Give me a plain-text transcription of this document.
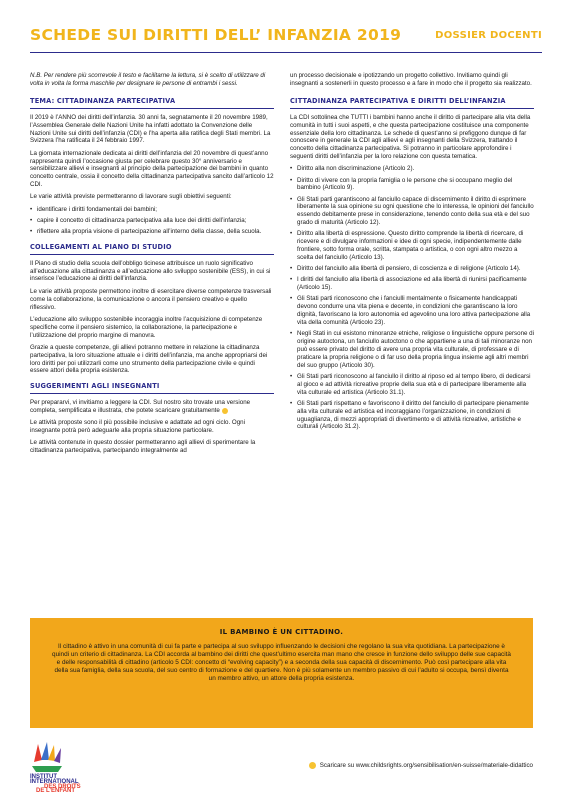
SCHEDE SUI DIRITTI DELL’ INFANZIA 2019	DOSSIER DOCENTI

N.B. Per rendere più scorrevole il testo e facilitarne la lettura, si è scelto di utilizzare di volta in volta la forma maschile per designare le persone di entrambi i sessi.

TEMA: CITTADINANZA PARTECIPATIVA

Il 2019 è l’ANNO dei diritti dell’infanzia. 30 anni fa, segnatamente il 20 novembre 1989, l’Assemblea Generale delle Nazioni Unite ha infatti adottato la Convenzione delle Nazioni Unite sui diritti dell’infanzia (CDI) e l’ha aperta alla ratifica degli Stati membri. La Svizzera l’ha ratificata il 24 febbraio 1997.

La giornata internazionale dedicata ai diritti dell’infanzia del 20 novembre di quest’anno rappresenta quindi l’occasione giusta per celebrare questo 30° anniversario e sensibilizzare allievi e insegnanti al principio della partecipazione dei bambini in quanto concetto centrale, ossia il concetto della cittadinanza partecipativa sancito dall’articolo 12 CDI.

Le varie attività previste permetteranno di lavorare sugli obiettivi seguenti:

• identificare i diritti fondamentali dei bambini;
• capire il concetto di cittadinanza partecipativa alla luce dei diritti dell’infanzia;
• riflettere alla propria visione di partecipazione all’interno della classe, della scuola.
COLLEGAMENTI AL PIANO DI STUDIO

Il Piano di studio della scuola dell’obbligo ticinese attribuisce un ruolo significativo all’educazione alla cittadinanza e all’educazione allo sviluppo sostenibile (ESS), in cui si inserisce l’educazione ai diritti dell’infanzia.

Le varie attività proposte permettono inoltre di esercitare diverse competenze trasversali come la collaborazione, la comunicazione o ancora il pensiero creativo e quello riflessivo.

L’educazione allo sviluppo sostenibile incoraggia inoltre l’acquisizione di competenze specifiche come il pensiero sistemico, la collaborazione, la partecipazione e l’utilizzazione del proprio margine di manovra.

Grazie a queste competenze, gli allievi potranno mettere in relazione la cittadinanza partecipativa, la loro situazione attuale e i diritti dell’infanzia, ma anche appropriarsi dei loro diritti per poi utilizzarli come uno strumento della partecipazione civile e quindi essere attori della propria esistenza.

SUGGERIMENTI AGLI INSEGNANTI

Per prepararvi, vi invitiamo a leggere la CDI. Sul nostro sito trovate una versione completa, semplificata e illustrata, che potete scaricare gratuitamente

Le attività proposte sono il più possibile inclusive e adattate ad ogni ciclo. Ogni insegnante potrà però adeguarle alla propria situazione particolare.

Le attività contenute in questo dossier permetteranno agli allievi di sperimentare la cittadinanza partecipativa, partecipando integralmente ad

un processo decisionale e ipotizzando un progetto collettivo. Invitiamo quindi gli insegnanti a sostenerli in questo processo e a fare in modo che il progetto sia realizzato.

CITTADINANZA PARTECIPATIVA E DIRITTI DELL’INFANZIA

La CDI sottolinea che TUTTI i bambini hanno anche il diritto di partecipare alla vita della comunità in tutti i suoi aspetti, e che questa partecipazione costituisce una componente essenziale della loro cittadinanza. Le schede di quest’anno si prefiggono dunque di far conoscere in generale la CDI agli allievi e agli insegnanti della Svizzera, trattando il concetto della cittadinanza partecipativa. Si potranno in particolare approfondire i seguenti diritti dell’infanzia per la loro relazione con questa tematica.

• Diritto alla non discriminazione (Articolo 2).
• Diritto di vivere con la propria famiglia o le persone che si occupano meglio del bambino (Articolo 9).
• Gli Stati parti garantiscono al fanciullo capace di discernimento il diritto di esprimere liberamente la sua opinione su ogni questione che lo interessa, le opinioni del fanciullo essendo debitamente prese in considerazione, tenendo conto della sua età e del suo grado di maturità (Articolo 12).
• Diritto alla libertà di espressione. Questo diritto comprende la libertà di ricercare, di ricevere e di divulgare informazioni e idee di ogni specie, indipendentemente dalle frontiere, sotto forma orale, scritta, stampata o artistica, o con ogni altro mezzo a scelta del fanciullo (Articolo 13).
• Diritto del fanciullo alla libertà di pensiero, di coscienza e di religione (Articolo 14).
• I diritti del fanciullo alla libertà di associazione ed alla libertà di riunirsi pacificamente (Articolo 15).
• Gli Stati parti riconoscono che i fanciulli mentalmente o fisicamente handicappati devono condurre una vita piena e decente, in condizioni che garantiscano la loro dignità, favoriscano la loro autonomia ed agevolino una loro attiva partecipazione alla vita della comunità (Articolo 23).
• Negli Stati in cui esistono minoranze etniche, religiose o linguistiche oppure persone di origine autoctona, un fanciullo autoctono o che appartiene a una di tali minoranze non può essere privato del diritto di avere una propria vita culturale, di professare e di praticare la propria religione o di far uso della propria lingua insieme agli altri membri del suo gruppo (Articolo 30).
• Gli Stati parti riconoscono al fanciullo il diritto al riposo ed al tempo libero, di dedicarsi al gioco e ad attività ricreative proprie della sua età e di partecipare liberamente alla vita culturale ed artistica (Articolo 31.1).
• Gli Stati parti rispettano e favoriscono il diritto del fanciullo di partecipare pienamente alla vita culturale ed artistica ed incoraggiano l’organizzazione, in condizioni di uguaglianza, di mezzi appropriati di divertimento e di attività ricreative, artistiche e culturali (Articolo 31.2).
IL BAMBINO È UN CITTADINO.
Il cittadino è attivo in una comunità di cui fa parte e partecipa al suo sviluppo influenzando le decisioni che regolano la sua vita quotidiana. La partecipazione è quindi un criterio di cittadinanza. La CDI accorda al bambino dei diritti che quest’ultimo esercita man mano che cresce in funzione dello sviluppo delle sue capacità e delle responsabilità di cittadino (articolo 5 CDI: concetto di “evolving capacity”) e a seconda della sua capacità di discernimento. Può così partecipare alla vita della sua famiglia, della sua scuola, del suo centro di formazione e del quartiere. Non è più solamente un membro passivo di cui l’adulto si occupa, bensì diventa un membro attivo, un attore della propria esistenza.
INSTITUT
INTERNATIONAL
DES DROITS
DE L’ENFANT
Scaricare su www.childsrights.org/sensibilisation/en-suisse/materiale-didattico
